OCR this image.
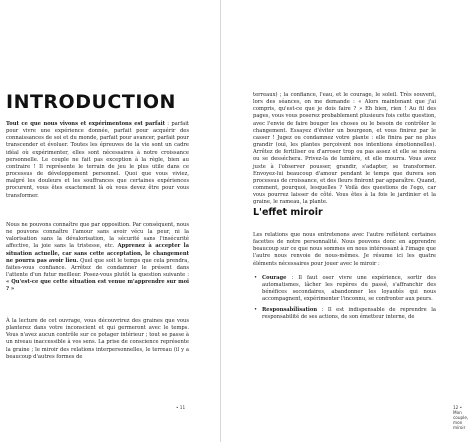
INTRODUCTION

Tout ce que nous vivons et expérimentons est parfait : parfait pour vivre une expérience donnée, parfait pour acquérir des connaissances de soi et du monde, parfait pour avancer, parfait pour transcender et évoluer. Toutes les épreuves de la vie sont un cadre idéal où expérimenter, elles sont nécessaires à notre croissance personnelle. Le couple ne fait pas exception à la règle, bien au contraire ! Il représente le terrain de jeu le plus utile dans ce processus de développement personnel. Quoi que vous viviez, malgré les douleurs et les souffrances que certaines expériences procurent, vous êtes exactement là où vous devez être pour vous transformer.

Nous ne pouvons connaître que par opposition. Par conséquent, nous ne pouvons connaître l'amour sans avoir vécu la peur, ni la valorisation sans la dévalorisation, la sécurité sans l'insécurité affective, la joie sans la tristesse, etc. Apprenez à accepter la situation actuelle, car sans cette acceptation, le changement ne pourra pas avoir lieu. Quel que soit le temps que cela prendra, faites-vous confiance. Arrêtez de condamner le présent dans l'attente d'un futur meilleur. Posez-vous plutôt la question suivante : « Qu'est-ce que cette situation est venue m'apprendre sur moi ? »

À la lecture de cet ouvrage, vous découvrirez des graines que vous planterez dans votre inconscient et qui germeront avec le temps. Vous n'avez aucun contrôle sur ce potager intérieur ; tout se passe à un niveau inaccessible à vos sens. La prise de conscience représente la graine ; le miroir des relations interpersonnelles, le terreau (il y a beaucoup d'autres formes de

• 11

terreaux) ; la confiance, l'eau, et le courage, le soleil. Très souvent, lors des séances, on me demande : « Alors maintenant que j'ai compris, qu'est-ce que je dois faire ? » Eh bien, rien ! Au fil des pages, vous vous poserez probablement plusieurs fois cette question, avec l'envie de faire bouger les choses ou le besoin de contrôler le changement. Essayez d'éviter un bourgeon, et vous finirez par le casser ! Jugez ou condamnez votre plante : elle finira par ne plus grandir (oui, les plantes perçoivent nos intentions émotionnelles). Arrêtez de fertiliser ou d'arroser trop ou pas assez et elle se noiera ou se desséchera. Privez-la de lumière, et elle mourra. Vous avez juste à l'observer pousser, grandir, s'adapter, se transformer. Envoyez-lui beaucoup d'amour pendant le temps que durera son processus de croissance, et des fleurs finiront par apparaître. Quand, comment, pourquoi, lesquelles ? Voilà des questions de l'ego, car vous pourrez laisser de côté. Vous êtes à la fois le jardinier et la graine, le rameau, la plante.

L'effet miroir

Les relations que nous entretenons avec l'autre reflètent certaines facettes de notre personnalité. Nous pouvons donc en apprendre beaucoup sur ce que nous sommes en nous intéressant à l'image que l'autre nous renvoie de nous-mêmes. Je résume ici les quatre éléments nécessaires pour jouer avec le miroir :

• Courage : Il faut oser vivre une expérience, sortir des automatismes, lâcher les repères du passé, s'affranchir des bénéfices secondaires, abandonner les loyautés qui nous accompagnent, expérimenter l'inconnu, se confronter aux peurs.
• Responsabilisation : Il est indispensable de reprendre la responsabilité de ses actions, de son émetteur interne, de
12 • Mon couple, mon miroir
